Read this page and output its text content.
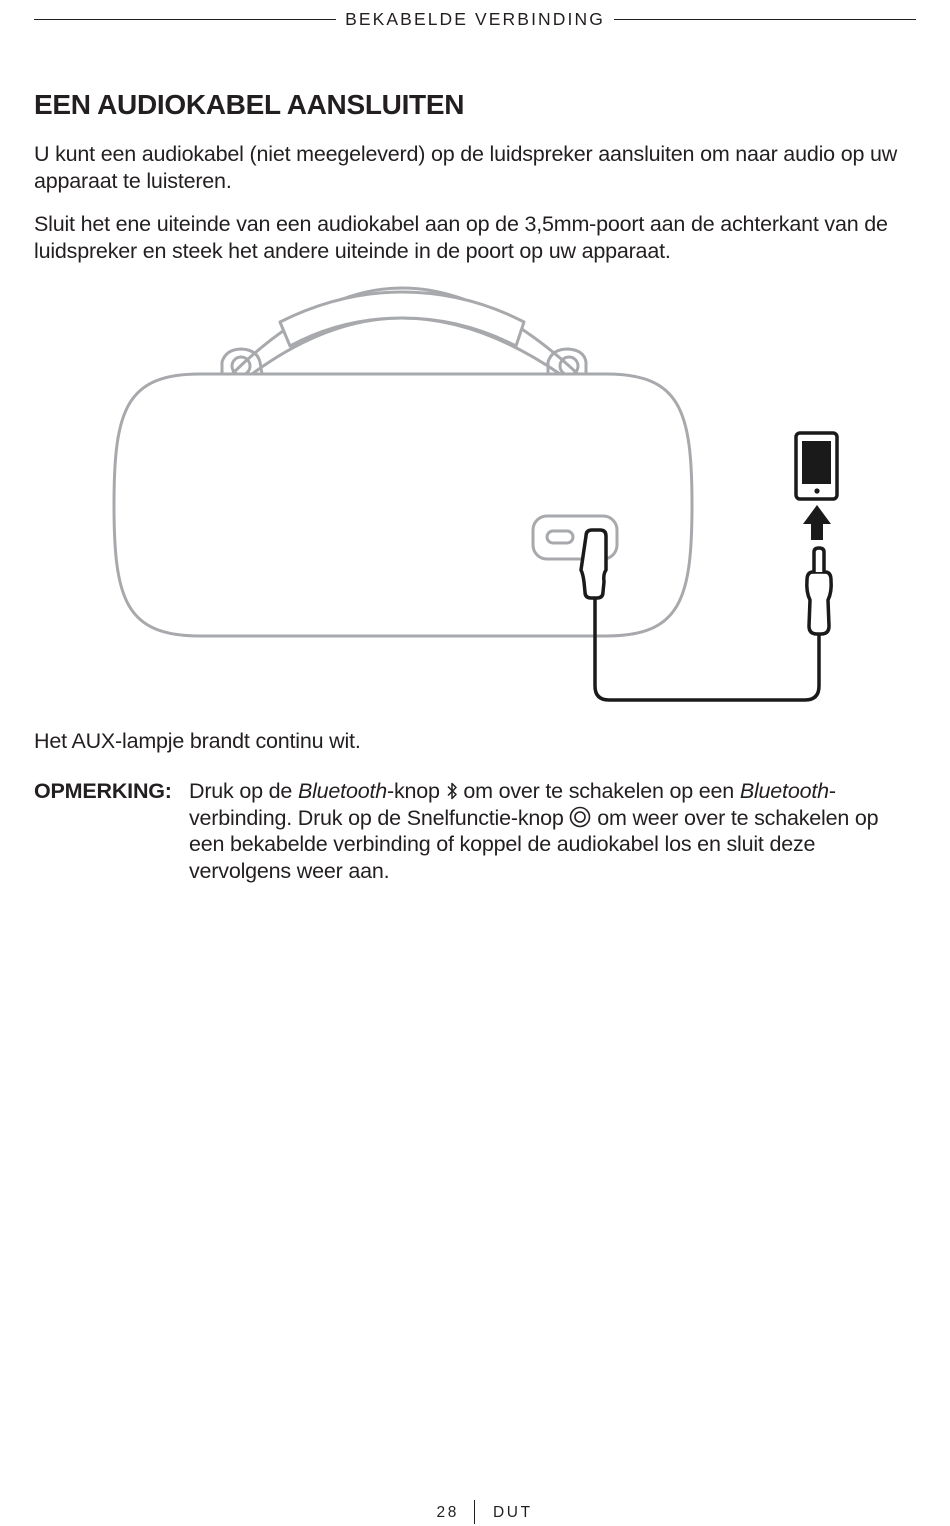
BEKABELDE VERBINDING
EEN AUDIOKABEL AANSLUITEN

U kunt een audiokabel (niet meegeleverd) op de luidspreker aansluiten om naar audio op uw apparaat te luisteren.

Sluit het ene uiteinde van een audiokabel aan op de 3,5mm-poort aan de achterkant van de luidspreker en steek het andere uiteinde in de poort op uw apparaat.

Het AUX-lampje brandt continu wit.

OPMERKING: Druk op de Bluetooth-knop  om over te schakelen op een Bluetooth-verbinding. Druk op de Snelfunctie-knop  om weer over te schakelen op een bekabelde verbinding of koppel de audiokabel los en sluit deze vervolgens weer aan.
28 DUT
